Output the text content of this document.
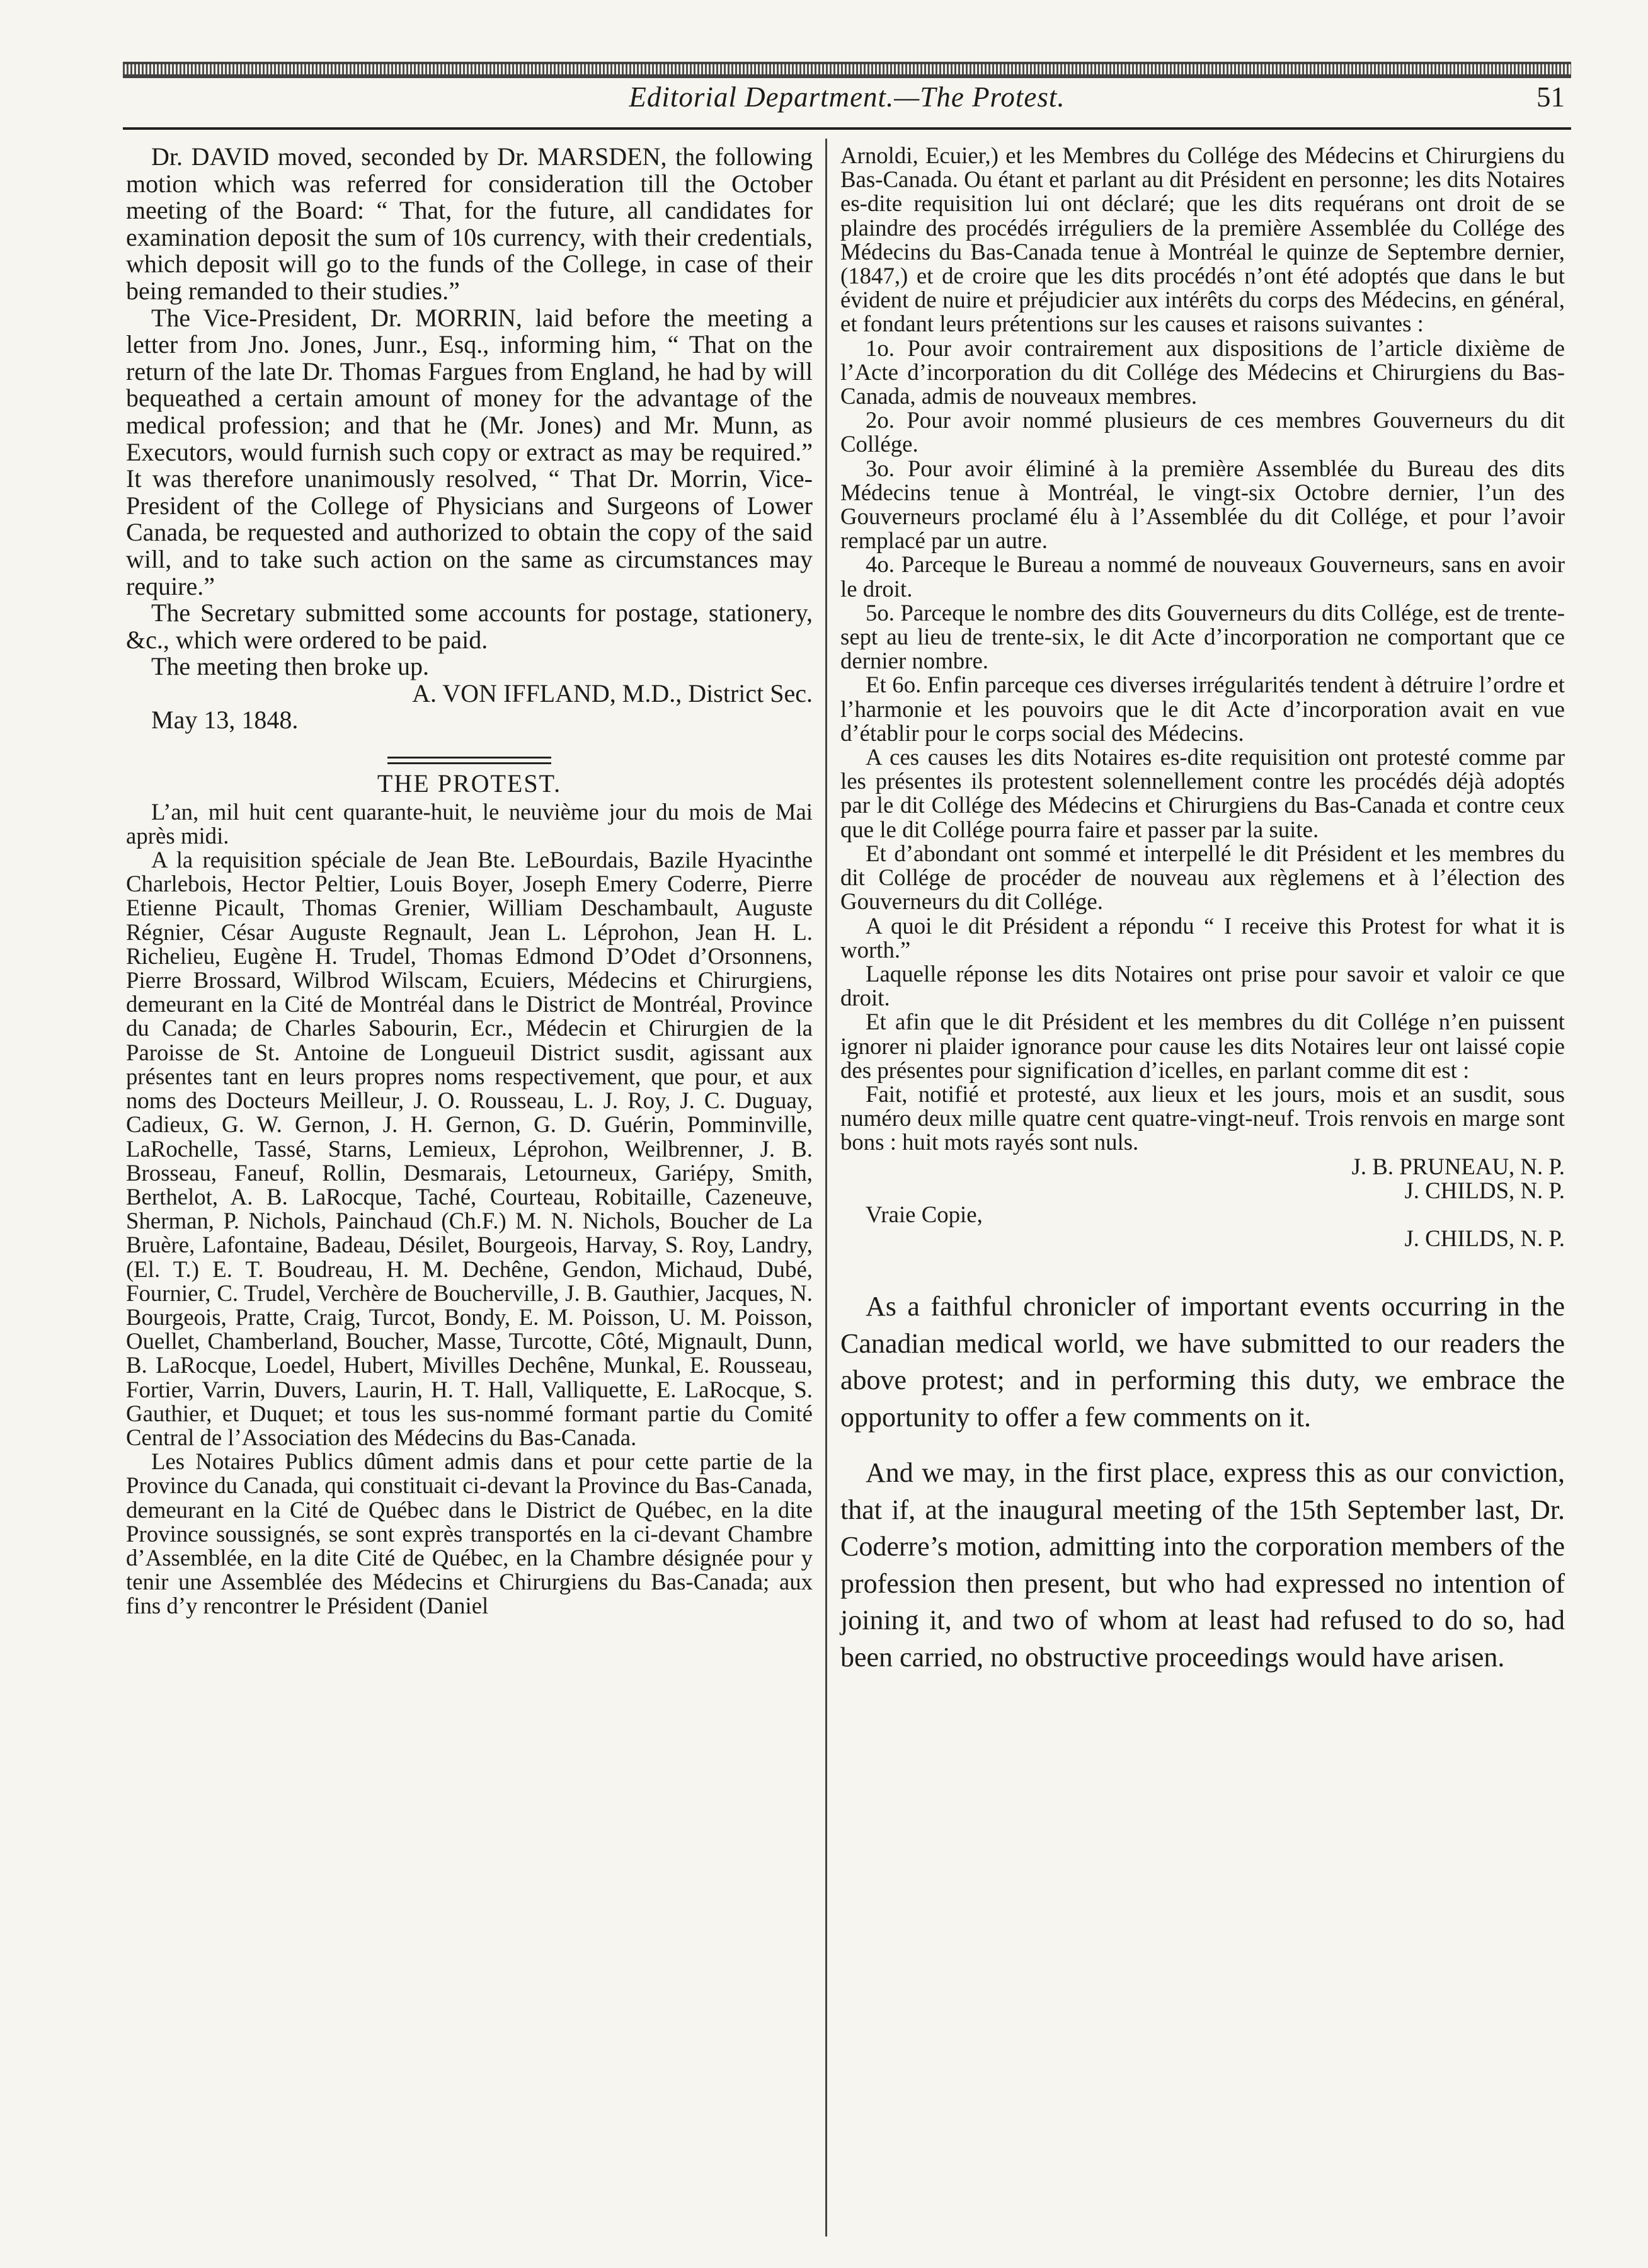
Editorial Department.—The Protest.	51

Dr. DAVID moved, seconded by Dr. MARSDEN, the following motion which was referred for consideration till the October meeting of the Board: “ That, for the future, all candidates for examination deposit the sum of 10s currency, with their credentials, which deposit will go to the funds of the College, in case of their being remanded to their studies.”

The Vice-President, Dr. MORRIN, laid before the meeting a letter from Jno. Jones, Junr., Esq., informing him, “ That on the return of the late Dr. Thomas Fargues from England, he had by will bequeathed a certain amount of money for the advantage of the medical profession; and that he (Mr. Jones) and Mr. Munn, as Executors, would furnish such copy or extract as may be required.” It was therefore unanimously resolved, “ That Dr. Morrin, Vice-President of the College of Physicians and Surgeons of Lower Canada, be requested and authorized to obtain the copy of the said will, and to take such action on the same as circumstances may require.”

The Secretary submitted some accounts for postage, stationery, &c., which were ordered to be paid.

The meeting then broke up.

A. VON IFFLAND, M.D., District Sec.

May 13, 1848.

THE PROTEST.

L’an, mil huit cent quarante-huit, le neuvième jour du mois de Mai après midi.

A la requisition spéciale de Jean Bte. LeBourdais, Bazile Hyacinthe Charlebois, Hector Peltier, Louis Boyer, Joseph Emery Coderre, Pierre Etienne Picault, Thomas Grenier, William Deschambault, Auguste Régnier, César Auguste Regnault, Jean L. Léprohon, Jean H. L. Richelieu, Eugène H. Trudel, Thomas Edmond D’Odet d’Orsonnens, Pierre Brossard, Wilbrod Wilscam, Ecuiers, Médecins et Chirurgiens, demeurant en la Cité de Montréal dans le District de Montréal, Province du Canada; de Charles Sabourin, Ecr., Médecin et Chirurgien de la Paroisse de St. Antoine de Longueuil District susdit, agissant aux présentes tant en leurs propres noms respectivement, que pour, et aux noms des Docteurs Meilleur, J. O. Rousseau, L. J. Roy, J. C. Duguay, Cadieux, G. W. Gernon, J. H. Gernon, G. D. Guérin, Pomminville, LaRochelle, Tassé, Starns, Lemieux, Léprohon, Weilbrenner, J. B. Brosseau, Faneuf, Rollin, Desmarais, Letourneux, Gariépy, Smith, Berthelot, A. B. LaRocque, Taché, Courteau, Robitaille, Cazeneuve, Sherman, P. Nichols, Painchaud (Ch.F.) M. N. Nichols, Boucher de La Bruère, Lafontaine, Badeau, Désilet, Bourgeois, Harvay, S. Roy, Landry, (El. T.) E. T. Boudreau, H. M. Dechêne, Gendon, Michaud, Dubé, Fournier, C. Trudel, Verchère de Boucherville, J. B. Gauthier, Jacques, N. Bourgeois, Pratte, Craig, Turcot, Bondy, E. M. Poisson, U. M. Poisson, Ouellet, Chamberland, Boucher, Masse, Turcotte, Côté, Mignault, Dunn, B. LaRocque, Loedel, Hubert, Mivilles Dechêne, Munkal, E. Rousseau, Fortier, Varrin, Duvers, Laurin, H. T. Hall, Valliquette, E. LaRocque, S. Gauthier, et Duquet; et tous les sus-nommé formant partie du Comité Central de l’Association des Médecins du Bas-Canada.

Les Notaires Publics dûment admis dans et pour cette partie de la Province du Canada, qui constituait ci-devant la Province du Bas-Canada, demeurant en la Cité de Québec dans le District de Québec, en la dite Province soussignés, se sont exprès transportés en la ci-devant Chambre d’Assemblée, en la dite Cité de Québec, en la Chambre désignée pour y tenir une Assemblée des Médecins et Chirurgiens du Bas-Canada; aux fins d’y rencontrer le Président (Daniel

Arnoldi, Ecuier,) et les Membres du Collége des Médecins et Chirurgiens du Bas-Canada. Ou étant et parlant au dit Président en personne; les dits Notaires es-dite requisition lui ont déclaré; que les dits requérans ont droit de se plaindre des procédés irréguliers de la première Assemblée du Collége des Médecins du Bas-Canada tenue à Montréal le quinze de Septembre dernier, (1847,) et de croire que les dits procédés n’ont été adoptés que dans le but évident de nuire et préjudicier aux intérêts du corps des Médecins, en général, et fondant leurs prétentions sur les causes et raisons suivantes :

1o. Pour avoir contrairement aux dispositions de l’article dixième de l’Acte d’incorporation du dit Collége des Médecins et Chirurgiens du Bas-Canada, admis de nouveaux membres.

2o. Pour avoir nommé plusieurs de ces membres Gouverneurs du dit Collége.

3o. Pour avoir éliminé à la première Assemblée du Bureau des dits Médecins tenue à Montréal, le vingt-six Octobre dernier, l’un des Gouverneurs proclamé élu à l’Assemblée du dit Collége, et pour l’avoir remplacé par un autre.

4o. Parceque le Bureau a nommé de nouveaux Gouverneurs, sans en avoir le droit.

5o. Parceque le nombre des dits Gouverneurs du dits Collége, est de trente-sept au lieu de trente-six, le dit Acte d’incorporation ne comportant que ce dernier nombre.

Et 6o. Enfin parceque ces diverses irrégularités tendent à détruire l’ordre et l’harmonie et les pouvoirs que le dit Acte d’incorporation avait en vue d’établir pour le corps social des Médecins.

A ces causes les dits Notaires es-dite requisition ont protesté comme par les présentes ils protestent solennellement contre les procédés déjà adoptés par le dit Collége des Médecins et Chirurgiens du Bas-Canada et contre ceux que le dit Collége pourra faire et passer par la suite.

Et d’abondant ont sommé et interpellé le dit Président et les membres du dit Collége de procéder de nouveau aux règlemens et à l’élection des Gouverneurs du dit Collége.

A quoi le dit Président a répondu “ I receive this Protest for what it is worth.”

Laquelle réponse les dits Notaires ont prise pour savoir et valoir ce que droit.

Et afin que le dit Président et les membres du dit Collége n’en puissent ignorer ni plaider ignorance pour cause les dits Notaires leur ont laissé copie des présentes pour signification d’icelles, en parlant comme dit est :

Fait, notifié et protesté, aux lieux et les jours, mois et an susdit, sous numéro deux mille quatre cent quatre-vingt-neuf. Trois renvois en marge sont bons : huit mots rayés sont nuls.

J. B. PRUNEAU, N. P.

J. CHILDS, N. P.

Vraie Copie,

J. CHILDS, N. P.

As a faithful chronicler of important events occurring in the Canadian medical world, we have submitted to our readers the above protest; and in performing this duty, we embrace the opportunity to offer a few comments on it.

And we may, in the first place, express this as our conviction, that if, at the inaugural meeting of the 15th September last, Dr. Coderre’s motion, admitting into the corporation members of the profession then present, but who had expressed no intention of joining it, and two of whom at least had refused to do so, had been carried, no obstructive proceedings would have arisen.
